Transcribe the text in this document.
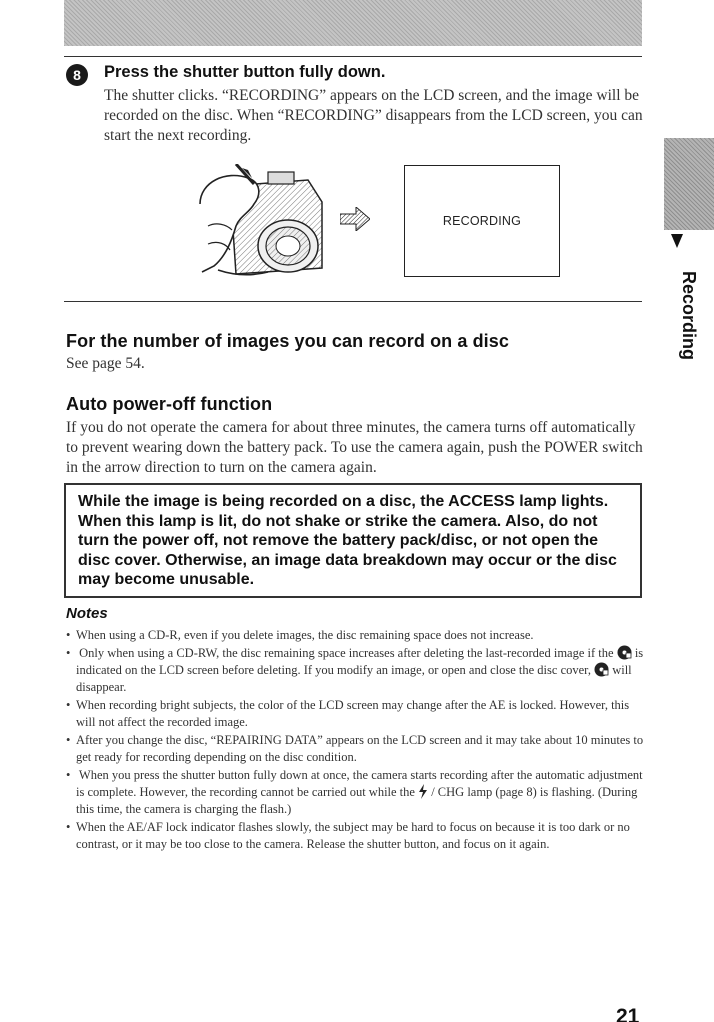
8	Press the shutter button fully down.

The shutter clicks. “RECORDING” appears on the LCD screen, and the image will be recorded on the disc. When “RECORDING” disappears from the LCD screen, you can start the next recording.

RECORDING
For the number of images you can record on a disc

See page 54.

Auto power-off function

If you do not operate the camera for about three minutes, the camera turns off automatically to prevent wearing down the battery pack. To use the camera again, push the POWER switch in the arrow direction to turn on the camera again.

While the image is being recorded on a disc, the ACCESS lamp lights. When this lamp is lit, do not shake or strike the camera. Also, do not turn the power off, not remove the battery pack/disc, or not open the disc cover. Otherwise, an image data breakdown may occur or the disc may become unusable.

Notes
• When using a CD-R, even if you delete images, the disc remaining space does not increase.
• Only when using a CD-RW, the disc remaining space increases after deleting the last-recorded image if the is indicated on the LCD screen before deleting. If you modify an image, or open and close the disc cover, will disappear.
• When recording bright subjects, the color of the LCD screen may change after the AE is locked. However, this will not affect the recorded image.
• After you change the disc, “REPAIRING DATA” appears on the LCD screen and it may take about 10 minutes to get ready for recording depending on the disc condition.
• When you press the shutter button fully down at once, the camera starts recording after the automatic adjustment is complete. However, the recording cannot be carried out while the / CHG lamp (page 8) is flashing. (During this time, the camera is charging the flash.)
• When the AE/AF lock indicator flashes slowly, the subject may be hard to focus on because it is too dark or no contrast, or it may be too close to the camera. Release the shutter button, and focus on it again.
Recording
21
